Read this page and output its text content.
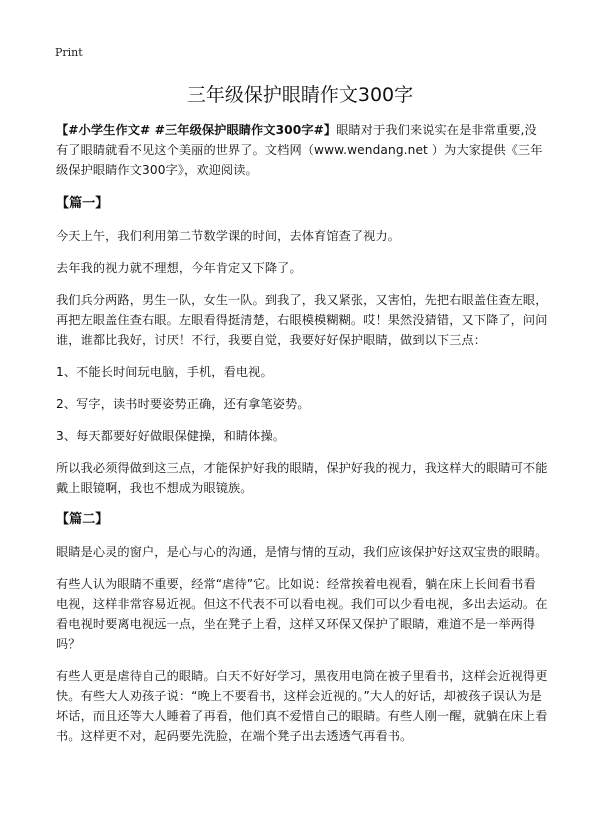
Print
三年级保护眼睛作文300字

【#小学生作文# #三年级保护眼睛作文300字#】眼睛对于我们来说实在是非常重要,没有了眼睛就看不见这个美丽的世界了。文档网（www.wendang.net ）为大家提供《三年级保护眼睛作文300字》，欢迎阅读。

【篇一】

今天上午，我们利用第二节数学课的时间，去体育馆查了视力。

去年我的视力就不理想，今年肯定又下降了。

我们兵分两路，男生一队，女生一队。到我了，我又紧张，又害怕，先把右眼盖住查左眼，再把左眼盖住查右眼。左眼看得挺清楚，右眼模模糊糊。哎！果然没猜错，又下降了，问问谁，谁都比我好，讨厌！不行，我要自觉，我要好好保护眼睛，做到以下三点：

1、不能长时间玩电脑，手机，看电视。

2、写字，读书时要姿势正确，还有拿笔姿势。

3、每天都要好好做眼保健操，和睛体操。

所以我必须得做到这三点，才能保护好我的眼睛，保护好我的视力，我这样大的眼睛可不能戴上眼镜啊，我也不想成为眼镜族。

【篇二】

眼睛是心灵的窗户，是心与心的沟通，是情与情的互动，我们应该保护好这双宝贵的眼睛。

有些人认为眼睛不重要，经常“虐待”它。比如说：经常挨着电视看，躺在床上长间看书看电视，这样非常容易近视。但这不代表不可以看电视。我们可以少看电视，多出去运动。在看电视时要离电视远一点，坐在凳子上看，这样又环保又保护了眼睛，难道不是一举两得吗？

有些人更是虐待自己的眼睛。白天不好好学习，黑夜用电筒在被子里看书，这样会近视得更快。有些大人劝孩子说：“晚上不要看书，这样会近视的。”大人的好话，却被孩子误认为是坏话，而且还等大人睡着了再看，他们真不爱惜自己的眼睛。有些人刚一醒，就躺在床上看书。这样更不对，起码要先洗脸，在端个凳子出去透透气再看书。
